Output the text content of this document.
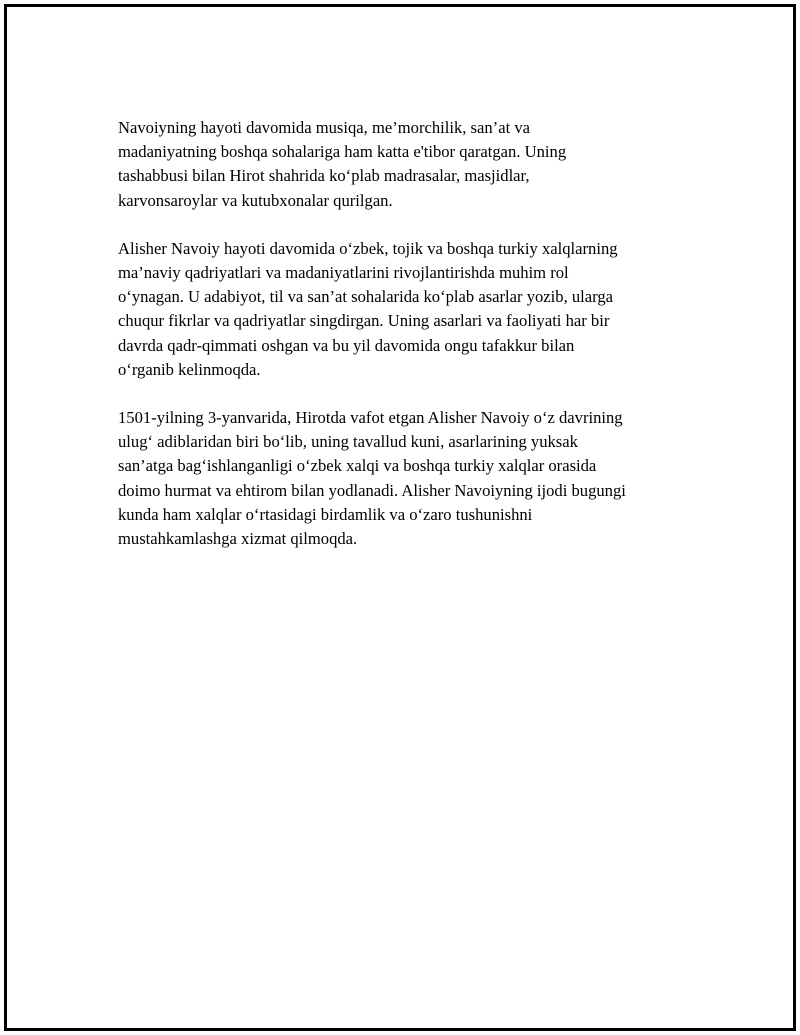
Navoiyning hayoti davomida musiqa, me’morchilik, san’at va
madaniyatning boshqa sohalariga ham katta e'tibor qaratgan. Uning
tashabbusi bilan Hirot shahrida ko‘plab madrasalar, masjidlar,
karvonsaroylar va kutubxonalar qurilgan.

Alisher Navoiy hayoti davomida o‘zbek, tojik va boshqa turkiy xalqlarning
ma’naviy qadriyatlari va madaniyatlarini rivojlantirishda muhim rol
o‘ynagan. U adabiyot, til va san’at sohalarida ko‘plab asarlar yozib, ularga
chuqur fikrlar va qadriyatlar singdirgan. Uning asarlari va faoliyati har bir
davrda qadr-qimmati oshgan va bu yil davomida ongu tafakkur bilan
o‘rganib kelinmoqda.

1501-yilning 3-yanvarida, Hirotda vafot etgan Alisher Navoiy o‘z davrining
ulug‘ adiblaridan biri bo‘lib, uning tavallud kuni, asarlarining yuksak
san’atga bag‘ishlanganligi o‘zbek xalqi va boshqa turkiy xalqlar orasida
doimo hurmat va ehtirom bilan yodlanadi. Alisher Navoiyning ijodi bugungi
kunda ham xalqlar o‘rtasidagi birdamlik va o‘zaro tushunishni
mustahkamlashga xizmat qilmoqda.
